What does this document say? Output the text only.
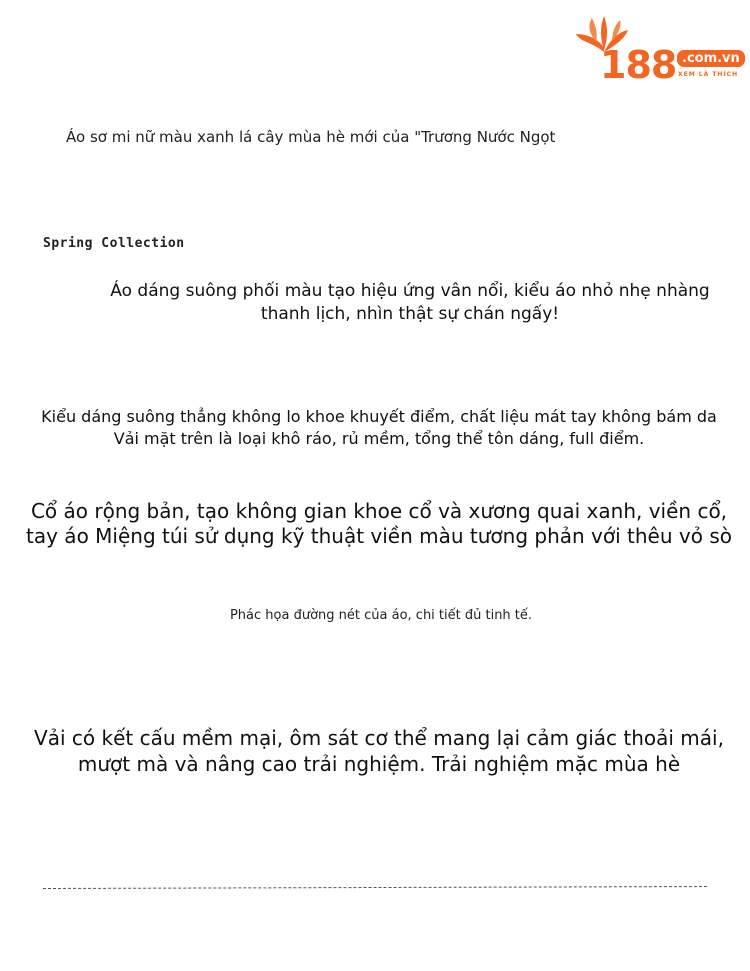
188 .com.vn
XEM LÀ THÍCH

Áo sơ mi nữ màu xanh lá cây mùa hè mới của "Trương Nước Ngọt

Spring Collection

Áo dáng suông phối màu tạo hiệu ứng vân nổi, kiểu áo nhỏ nhẹ nhàng thanh lịch, nhìn thật sự chán ngấy!

Kiểu dáng suông thẳng không lo khoe khuyết điểm, chất liệu mát tay không bám da Vải mặt trên là loại khô ráo, rủ mềm, tổng thể tôn dáng, full điểm.

Cổ áo rộng bản, tạo không gian khoe cổ và xương quai xanh, viền cổ, tay áo Miệng túi sử dụng kỹ thuật viền màu tương phản với thêu vỏ sò

Phác họa đường nét của áo, chi tiết đủ tinh tế.

Vải có kết cấu mềm mại, ôm sát cơ thể mang lại cảm giác thoải mái, mượt mà và nâng cao trải nghiệm. Trải nghiệm mặc mùa hè
